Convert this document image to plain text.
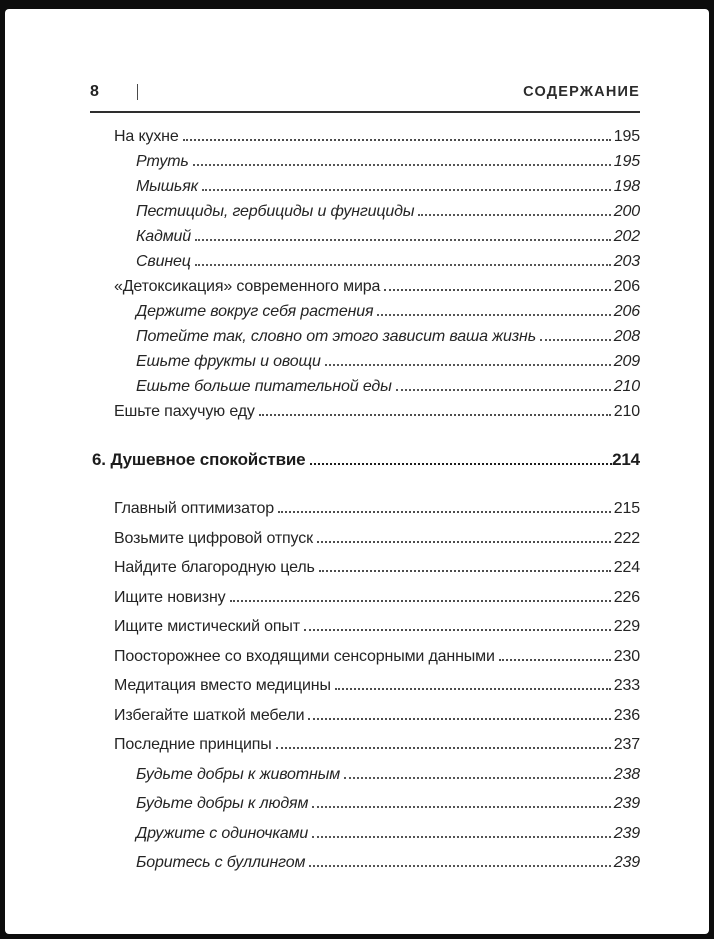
8	СОДЕРЖАНИЕ
На кухне	195
Ртуть	195
Мышьяк	198
Пестициды, гербициды и фунгициды	200
Кадмий	202
Свинец	203
«Детоксикация» современного мира	206
Держите вокруг себя растения	206
Потейте так, словно от этого зависит ваша жизнь	208
Ешьте фрукты и овощи	209
Ешьте больше питательной еды	210
Ешьте пахучую еду	210
6. Душевное спокойствие	214
Главный оптимизатор	215
Возьмите цифровой отпуск	222
Найдите благородную цель	224
Ищите новизну	226
Ищите мистический опыт	229
Поосторожнее со входящими сенсорными данными	230
Медитация вместо медицины	233
Избегайте шаткой мебели	236
Последние принципы	237
Будьте добры к животным	238
Будьте добры к людям	239
Дружите с одиночками	239
Боритесь с буллингом	239
